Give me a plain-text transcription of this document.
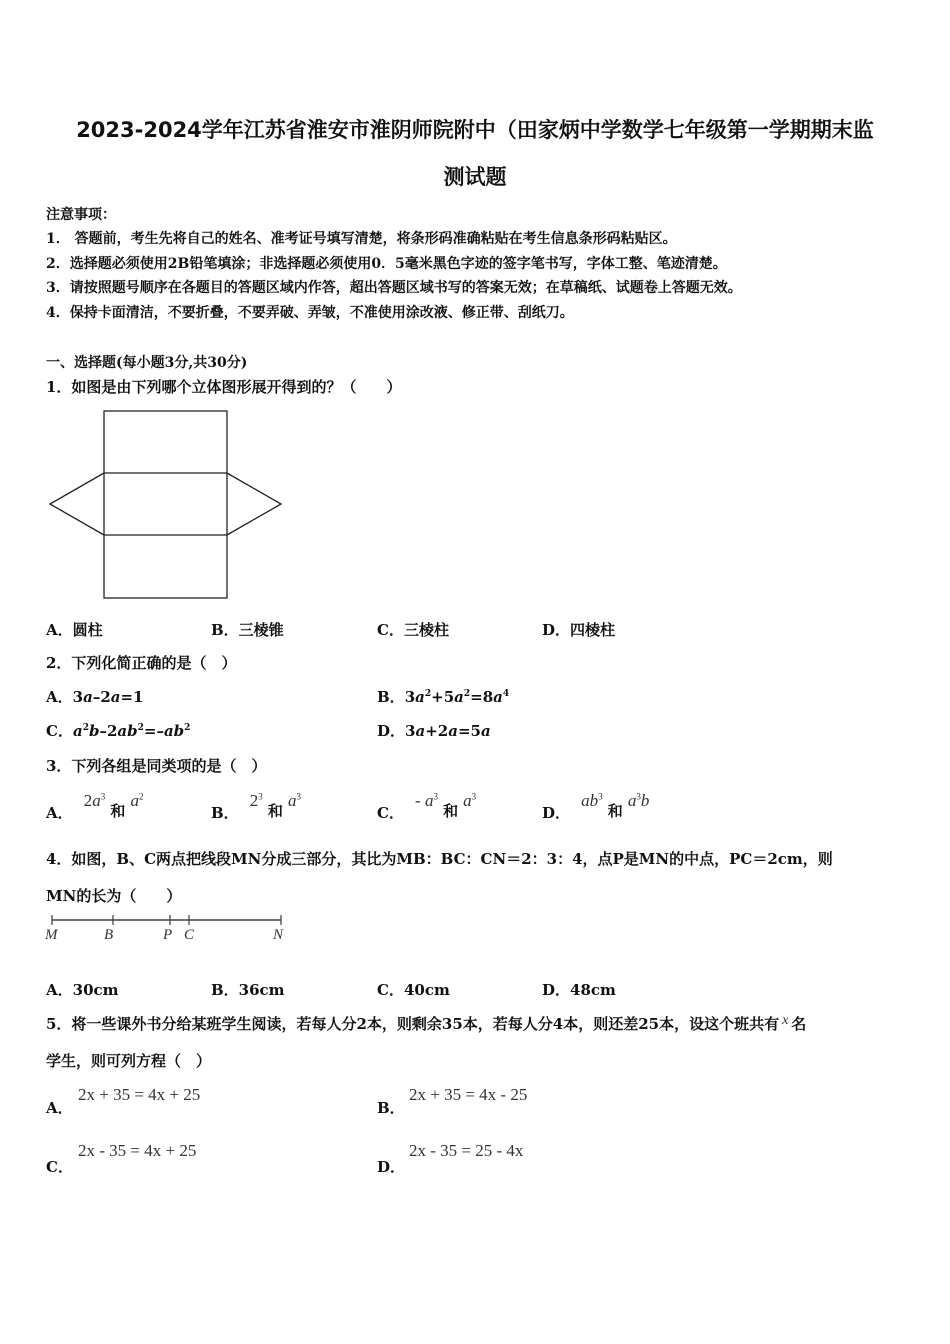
2023-2024学年江苏省淮安市淮阴师院附中（田家炳中学数学七年级第一学期期末监
测试题
注意事项：
1． 答题前，考生先将自己的姓名、准考证号填写清楚，将条形码准确粘贴在考生信息条形码粘贴区。
2．选择题必须使用2B铅笔填涂；非选择题必须使用0．5毫米黑色字迹的签字笔书写，字体工整、笔迹清楚。
3．请按照题号顺序在各题目的答题区域内作答，超出答题区域书写的答案无效；在草稿纸、试题卷上答题无效。
4．保持卡面清洁，不要折叠，不要弄破、弄皱，不准使用涂改液、修正带、刮纸刀。
一、选择题(每小题3分,共30分)
1．如图是由下列哪个立体图形展开得到的？（　　）
A．圆柱	B．三棱锥	C．三棱柱	D．四棱柱
2．下列化简正确的是（　）
A．3a–2a=1	B．$3a^2+5a^2=8a^4$
C．$a^2b-2ab^2=-ab^2$	D．3a+2a=5a
3．下列各组是同类项的是（　）
A． $2a^3$ 和 $a^2$
B． $2^3$ 和 $a^3$
C． - $a^3$ 和 $a^3$
D． $ab^3$ 和 $a^3b$
4．如图，B、C两点把线段MN分成三部分，其比为MB：BC：CN＝2：3：4，点P是MN的中点，PC＝2cm，则
MN的长为（　　）
M	B	P C	N
A．30cm	B．36cm	C．40cm	D．48cm
5．将一些课外书分给某班学生阅读，若每人分2本，则剩余35本，若每人分4本，则还差25本，设这个班共有 x 名
学生，则可列方程（　）
A．
2x + 35 = 4x + 25
B．
2x + 35 = 4x - 25
C．
2x - 35 = 4x + 25
D．
2x - 35 = 25 - 4x
